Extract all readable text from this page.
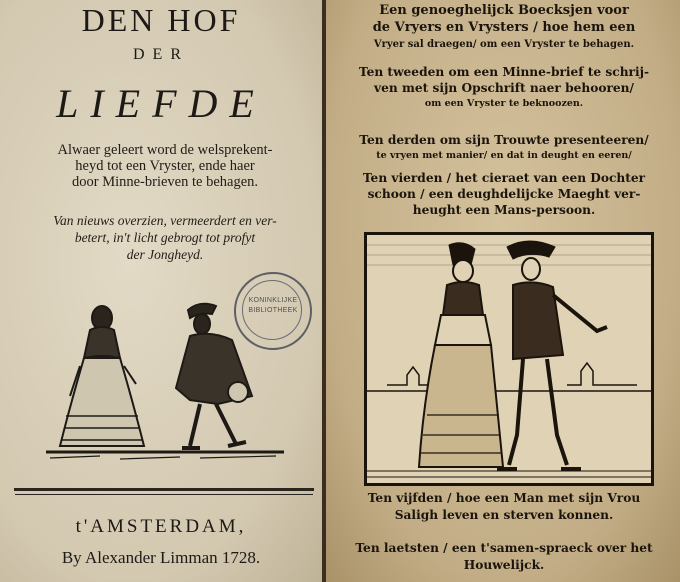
DEN HOF
DER
LIEFDE
Alwaer geleert word de welsprekent-
heyd tot een Vryster, ende haer
door Minne-brieven te behagen.
Van nieuws overzien, vermeerdert en ver-
betert, in't licht gebrogt tot profyt
der Jongheyd.
KONINKLIJKE
BIBLIOTHEEK
t'AMSTERDAM,
By Alexander Limman 1728.
Een genoeghelijck Boecksjen voor
de Vryers en Vrysters / hoe hem een
Vryer sal draegen/ om een Vryster te behagen.
Ten tweeden om een Minne-brief te schrij-
ven met sijn Opschrift naer behooren/
om een Vryster te beknoozen.
Ten derden om sijn Trouwte presenteeren/
te vryen met manier/ en dat in deught en eeren/
Ten vierden / het cieraet van een Dochter
schoon / een deughdelijcke Maeght ver-
heught een Mans-persoon.
Ten vijfden / hoe een Man met sijn Vrou
Saligh leven en sterven konnen.
Ten laetsten / een t'samen-spraeck over het
Houwelijck.
